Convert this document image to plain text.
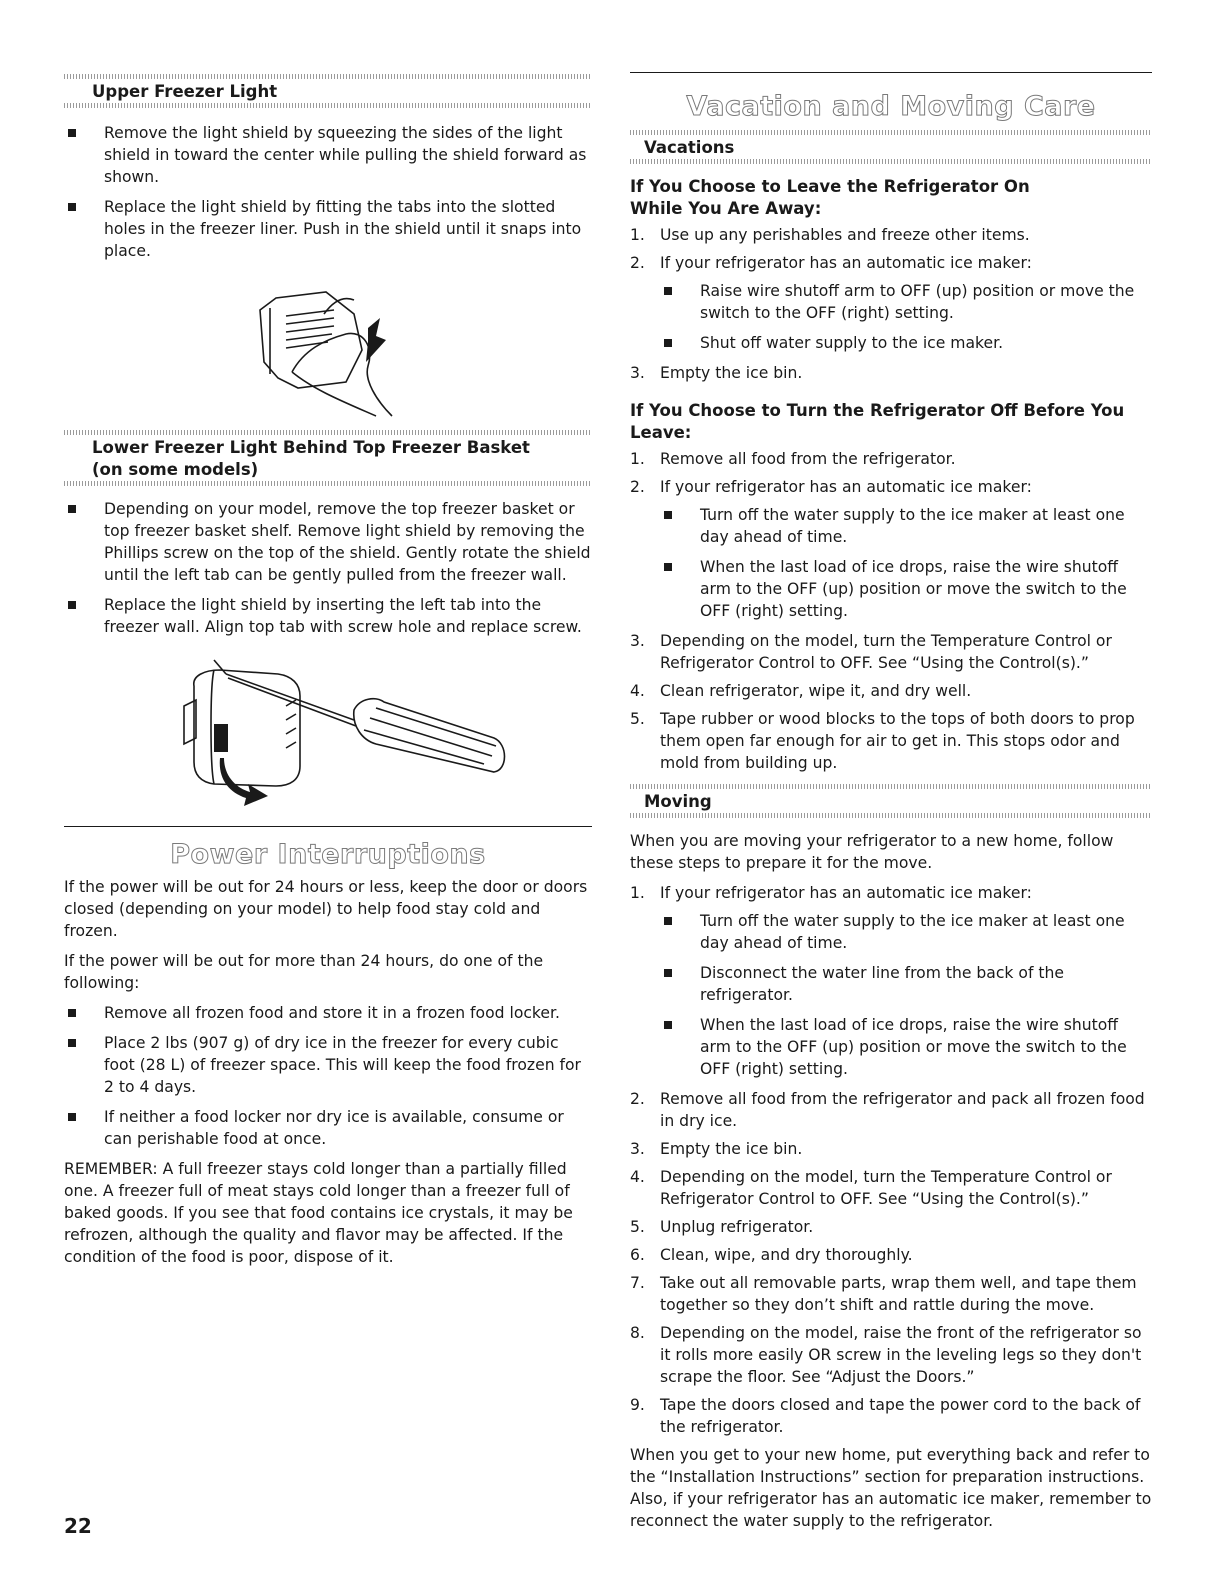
Upper Freezer Light
Remove the light shield by squeezing the sides of the light shield in toward the center while pulling the shield forward as shown.
Replace the light shield by fitting the tabs into the slotted holes in the freezer liner. Push in the shield until it snaps into place.
Lower Freezer Light Behind Top Freezer Basket
(on some models)
Depending on your model, remove the top freezer basket or top freezer basket shelf. Remove light shield by removing the Phillips screw on the top of the shield. Gently rotate the shield until the left tab can be gently pulled from the freezer wall.
Replace the light shield by inserting the left tab into the freezer wall. Align top tab with screw hole and replace screw.
Power Interruptions

If the power will be out for 24 hours or less, keep the door or doors closed (depending on your model) to help food stay cold and frozen.

If the power will be out for more than 24 hours, do one of the following:

Remove all frozen food and store it in a frozen food locker.
Place 2 lbs (907 g) of dry ice in the freezer for every cubic foot (28 L) of freezer space. This will keep the food frozen for 2 to 4 days.
If neither a food locker nor dry ice is available, consume or can perishable food at once.

REMEMBER: A full freezer stays cold longer than a partially filled one. A freezer full of meat stays cold longer than a freezer full of baked goods. If you see that food contains ice crystals, it may be refrozen, although the quality and flavor may be affected. If the condition of the food is poor, dispose of it.

Vacation and Moving Care
Vacations

If You Choose to Leave the Refrigerator On

While You Are Away:

1. Use up any perishables and freeze other items.
2. If your refrigerator has an automatic ice maker:
Raise wire shutoff arm to OFF (up) position or move the switch to the OFF (right) setting.
Shut off water supply to the ice maker.
3. Empty the ice bin.

If You Choose to Turn the Refrigerator Off Before You Leave:

1. Remove all food from the refrigerator.
2. If your refrigerator has an automatic ice maker:
Turn off the water supply to the ice maker at least one day ahead of time.
When the last load of ice drops, raise the wire shutoff arm to the OFF (up) position or move the switch to the OFF (right) setting.
3. Depending on the model, turn the Temperature Control or Refrigerator Control to OFF. See “Using the Control(s).”
4. Clean refrigerator, wipe it, and dry well.
5. Tape rubber or wood blocks to the tops of both doors to prop them open far enough for air to get in. This stops odor and mold from building up.
Moving

When you are moving your refrigerator to a new home, follow these steps to prepare it for the move.

1. If your refrigerator has an automatic ice maker:
Turn off the water supply to the ice maker at least one day ahead of time.
Disconnect the water line from the back of the refrigerator.
When the last load of ice drops, raise the wire shutoff arm to the OFF (up) position or move the switch to the OFF (right) setting.
2. Remove all food from the refrigerator and pack all frozen food in dry ice.
3. Empty the ice bin.
4. Depending on the model, turn the Temperature Control or Refrigerator Control to OFF. See “Using the Control(s).”
5. Unplug refrigerator.
6. Clean, wipe, and dry thoroughly.
7. Take out all removable parts, wrap them well, and tape them together so they don’t shift and rattle during the move.
8. Depending on the model, raise the front of the refrigerator so it rolls more easily OR screw in the leveling legs so they don't scrape the floor. See “Adjust the Doors.”
9. Tape the doors closed and tape the power cord to the back of the refrigerator.

When you get to your new home, put everything back and refer to the “Installation Instructions” section for preparation instructions. Also, if your refrigerator has an automatic ice maker, remember to reconnect the water supply to the refrigerator.

22
